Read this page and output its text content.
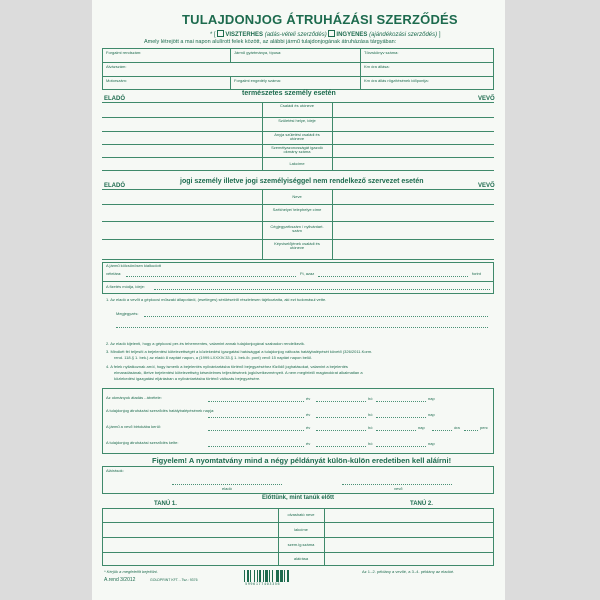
TULAJDONJOG ÁTRUHÁZÁSI SZERZŐDÉS
* [ VISZTERHES (adás-vételi szerződés) INGYENES (ajándékozási szerződés) ]
Amely létrejött a mai napon alulírott felek között, az alábbi jármű tulajdonjogának átruházása tárgyában:
Forgalmi rendszám:	Jármű gyártmánya, típusa:	Törzskönyv száma:
Alvázszám:	Km óra állása:
Motorszám:	Forgalmi engedély száma:	Km óra állás rögzítésének időpontja:
ELADÓ
természetes személy esetén
VEVŐ
Családi és utóneve
Születési helye, ideje
Anyja születési családi és utóneve
Személyazonosságát igazoló okmány száma
Lakcíme
ELADÓ
jogi személy illetve jogi személyiséggel nem rendelkező szervezet esetén
VEVŐ
Neve
Székhelye/ telephelye címe
Cégjegyzékszám / nyilvántart. szám
Képviselőjének családi és utóneve
A jármű kölcsönösen kialkudott
vételára:	Ft, azaz	forint
A fizetés módja, ideje:
1. Az eladó a vevőt a gépkocsi műszaki állapotáról, (esetleges) sérüléseiről részletesen tájékoztatta, aki ezt tudomásul vette.
Megjegyzés:
2. Az eladó kijelenti, hogy a gépkocsi per-és tehermentes, valamint annak tulajdonjogával szabadon rendelkezik.
3. Mindkét fél teljesíti a bejelentési kötelezettségét a közlekedési igazgatási hatósággal a tulajdonjog változás hatálybalépését követő (326/2011.Korm.
rend. 118.§ 1. bek.) az eladó 8 naptári napon, a (1999.LXXXIV.33.§ 1. bek./b. pont) vevő 15 naptári napon belül.
4. A felek nyilatkoznak arról, hogy ismerik a bejelentés nyilvántartásba történő bejegyzéséhez fűződő joghatásokat, valamint a bejelentés
elmaradásának, illetve bejelentési kötelezettség késedelmes teljesítésének jogkövetkezményeit. A nem megfelelő magánokirat alkalmatlan a
közlekedési igazgatási eljárásban a nyilvántartásba történő változás bejegyzésére.
Az okmányok átadás - átvétele:
A tulajdonjog átruházási szerződés hatálybalépésének napja:
A jármű a vevő birtokába kerül:
A tulajdonjog átruházási szerződés kelte:
év	hó	nap
év	hó	nap
év	hó	nap	óra	perc
év	hó	nap
Figyelem! A nyomtatvány mind a négy példányát külön-külön eredetiben kell aláírni!
Aláírások:
eladó	vevő
Előttünk, mint tanúk előtt
TANÚ 1.	TANÚ 2.
olvasható neve
lakcíme
szem.ig.száma
aláírása
* Kérjük a megfelelőt bejelölni.
A.rend 3/2012	GOLDPRINT KFT. - Tsz.: 9376
Az 1.-2. példány a vevőé, a 3.-4. példány az eladóé.
5996177403356
